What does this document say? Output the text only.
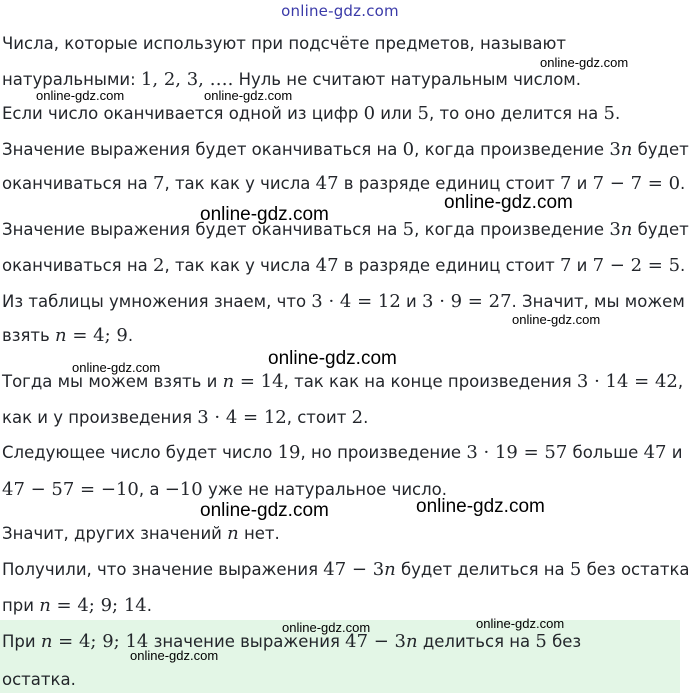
online-gdz.com
Числа, которые используют при подсчёте предметов, называют
натуральными: 1, 2, 3, …. Нуль не считают натуральным числом.
Если число оканчивается одной из цифр 0 или 5, то оно делится на 5.
Значение выражения будет оканчиваться на 0, когда произведение 3n будет
оканчиваться на 7, так как у числа 47 в разряде единиц стоит 7 и 7 − 7 = 0.
Значение выражения будет оканчиваться на 5, когда произведение 3n будет
оканчиваться на 2, так как у числа 47 в разряде единиц стоит 7 и 7 − 2 = 5.
Из таблицы умножения знаем, что 3 · 4 = 12 и 3 · 9 = 27. Значит, мы можем
взять n = 4; 9.
Тогда мы можем взять и n = 14, так как на конце произведения 3 · 14 = 42,
как и у произведения 3 · 4 = 12, стоит 2.
Следующее число будет число 19, но произведение 3 · 19 = 57 больше 47 и
47 − 57 = −10, а −10 уже не натуральное число.
Значит, других значений n нет.
Получили, что значение выражения 47 − 3n будет делиться на 5 без остатка
при n = 4; 9; 14.
При n = 4; 9; 14 значение выражения 47 − 3n делиться на 5 без
остатка.
online-gdz.com
online-gdz.com
online-gdz.com
online-gdz.com
online-gdz.com
online-gdz.com
online-gdz.com	online-gdz.com
online-gdz.com	online-gdz.com
online-gdz.com	online-gdz.com
online-gdz.com
